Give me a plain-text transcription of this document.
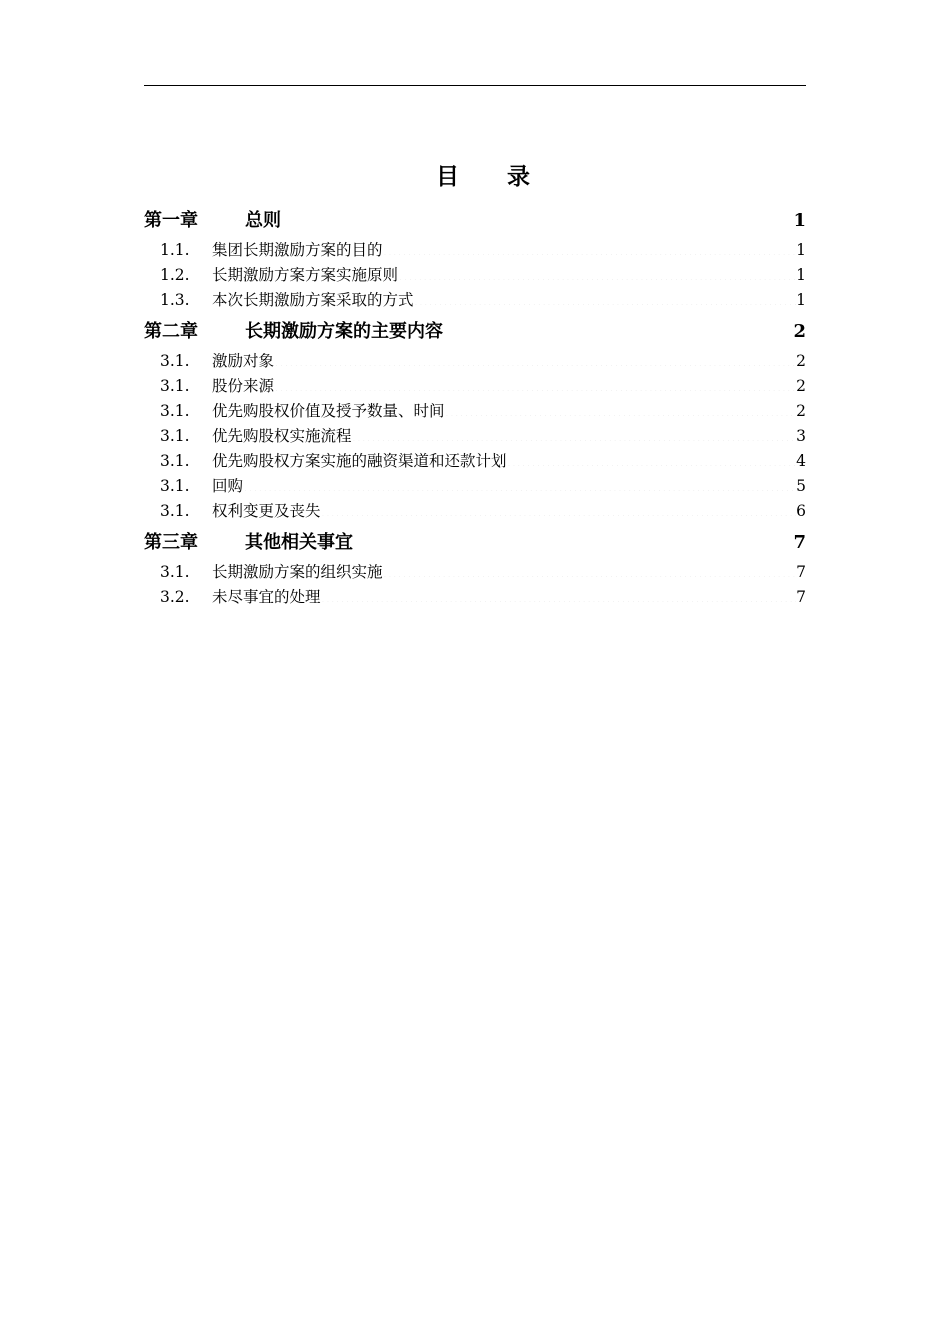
目 录
第一章	总则 .....	1
1.1.	集团长期激励方案的目的 .....	1
1.2.	长期激励方案方案实施原则 .....	1
1.3.	本次长期激励方案采取的方式 .....	1
第二章	长期激励方案的主要内容 .....	2
3.1.	激励对象 .....	2
3.1.	股份来源 .....	2
3.1.	优先购股权价值及授予数量、时间 .....	2
3.1.	优先购股权实施流程 .....	3
3.1.	优先购股权方案实施的融资渠道和还款计划 .....	4
3.1.	回购 .....	5
3.1.	权利变更及丧失 .....	6
第三章	其他相关事宜 .....	7
3.1.	长期激励方案的组织实施 .....	7
3.2.	未尽事宜的处理 .....	7
